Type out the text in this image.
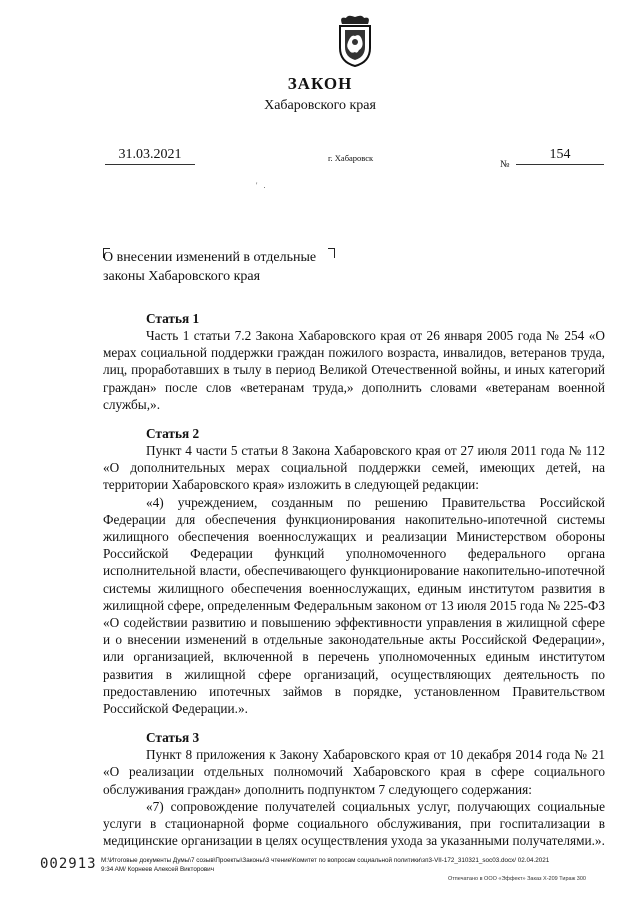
ЗАКОН
Хабаровского края
31.03.2021	г. Хабаровск
№
154
' .
О внесении изменений в отдельные
законы Хабаровского края
Статья 1

Часть 1 статьи 7.2 Закона Хабаровского края от 26 января 2005 года № 254 «О мерах социальной поддержки граждан пожилого возраста, инвалидов, ветеранов труда, лиц, проработавших в тылу в период Великой Отечественной войны, и иных категорий граждан» после слов «ветеранам труда,» дополнить словами «ветеранам военной службы,».

Статья 2

Пункт 4 части 5 статьи 8 Закона Хабаровского края от 27 июля 2011 года № 112 «О дополнительных мерах социальной поддержки семей, имеющих детей, на территории Хабаровского края» изложить в следующей редакции:

«4) учреждением, созданным по решению Правительства Российской Федерации для обеспечения функционирования накопительно-ипотечной системы жилищного обеспечения военнослужащих и реализации Министерством обороны Российской Федерации функций уполномоченного федерального органа исполнительной власти, обеспечивающего функционирование накопительно-ипотечной системы жилищного обеспечения военнослужащих, единым институтом развития в жилищной сфере, определенным Федеральным законом от 13 июля 2015 года № 225-ФЗ «О содействии развитию и повышению эффективности управления в жилищной сфере и о внесении изменений в отдельные законодательные акты Российской Федерации», или организацией, включенной в перечень уполномоченных единым институтом развития в жилищной сфере организаций, осуществляющих деятельность по предоставлению ипотечных займов в порядке, установленном Правительством Российской Федерации.».

Статья 3

Пункт 8 приложения к Закону Хабаровского края от 10 декабря 2014 года № 21 «О реализации отдельных полномочий Хабаровского края в сфере социального обслуживания граждан» дополнить подпунктом 7 следующего содержания:

«7) сопровождение получателей социальных услуг, получающих социальные услуги в стационарной форме социального обслуживания, при госпитализации в медицинские организации в целях осуществления ухода за указанными получателями.».

002913 M:\Итоговые документы Думы\7 созыв\Проекты\Законы\3 чтение\Комитет по вопросам социальной политики\зп3-VII-172_310321_soc03.docx/ 02.04.2021
9:34 AM/ Корнеев Алексей Викторович
Отпечатано в ООО «Эффект» Заказ Х-209 Тираж 300
